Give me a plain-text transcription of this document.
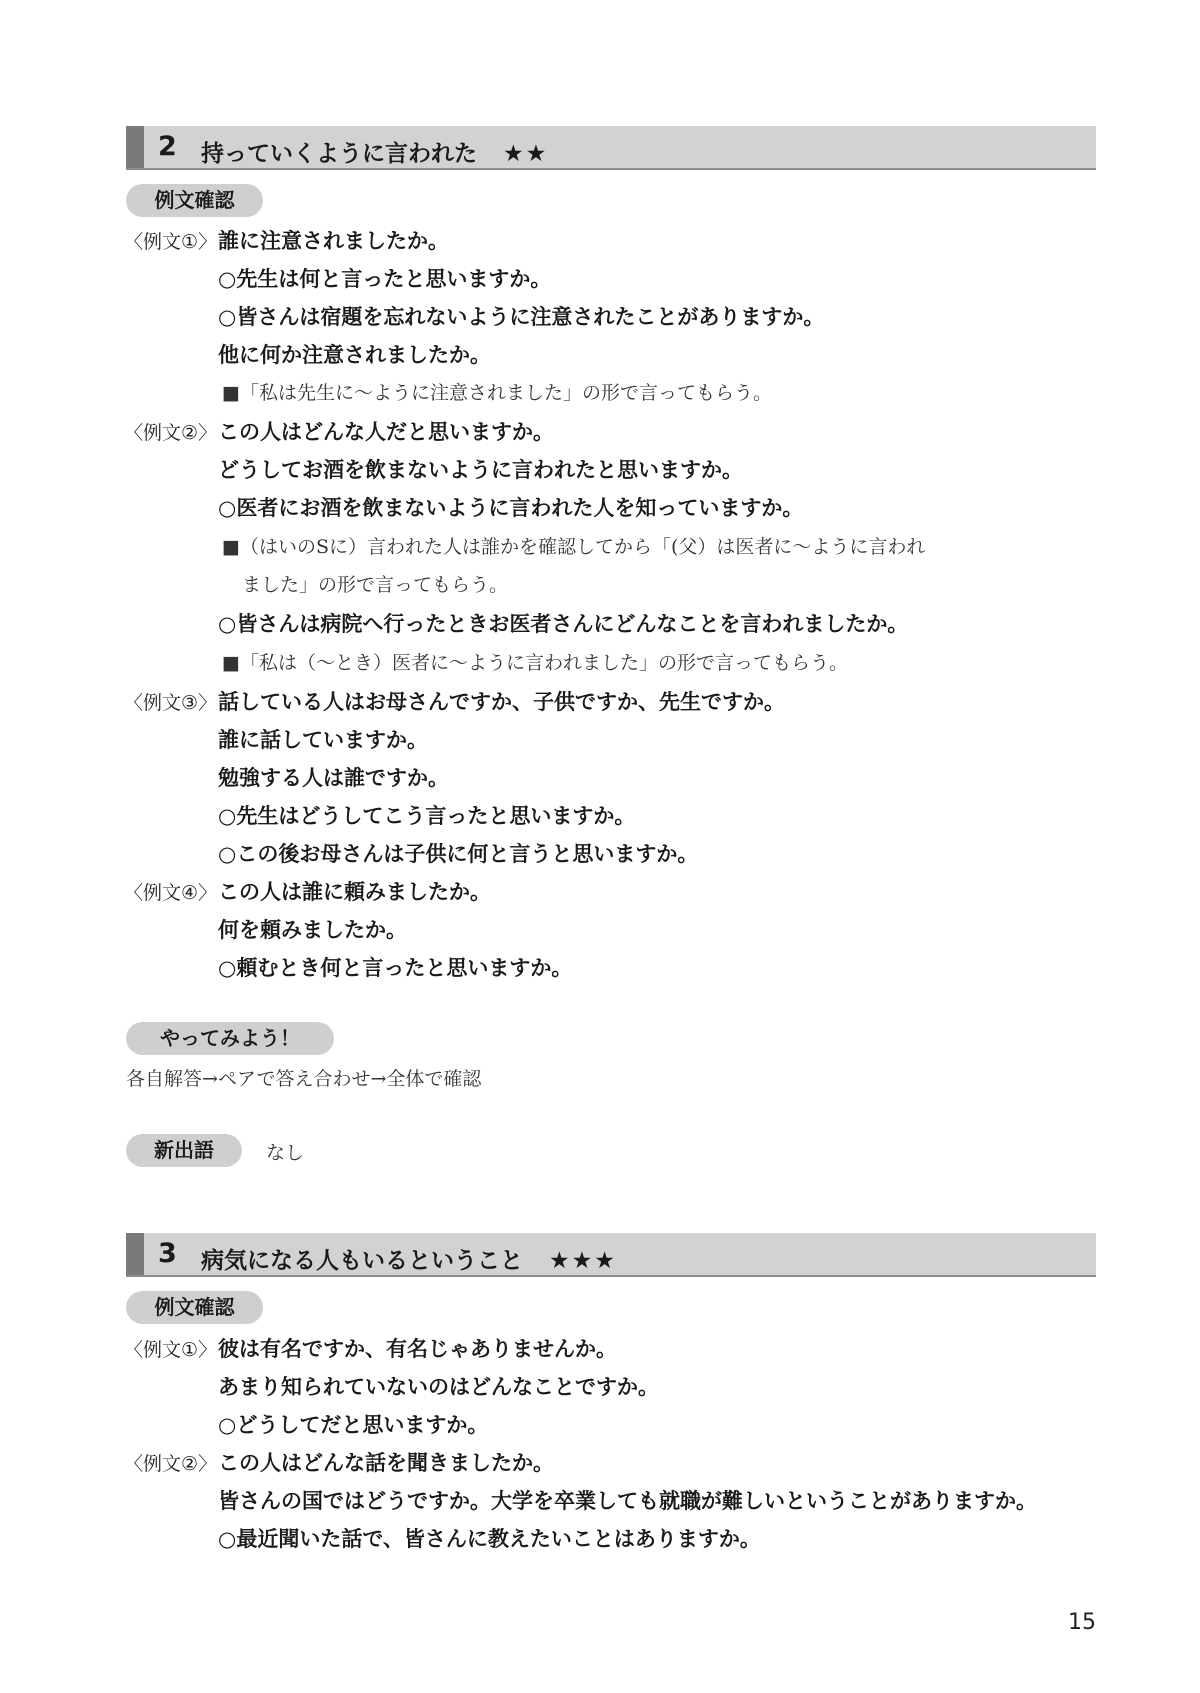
2 持っていくように言われた ★★
例文確認
〈例文①〉 誰に注意されましたか。
○先生は何と言ったと思いますか。
○皆さんは宿題を忘れないように注意されたことがありますか。
他に何か注意されましたか。
■「私は先生に〜ように注意されました」の形で言ってもらう。
〈例文②〉 この人はどんな人だと思いますか。
どうしてお酒を飲まないように言われたと思いますか。
○医者にお酒を飲まないように言われた人を知っていますか。
■（はいのSに）言われた人は誰かを確認してから「(父）は医者に〜ように言われ
ました」の形で言ってもらう。
○皆さんは病院へ行ったときお医者さんにどんなことを言われましたか。
■「私は（〜とき）医者に〜ように言われました」の形で言ってもらう。
〈例文③〉 話している人はお母さんですか、子供ですか、先生ですか。
誰に話していますか。
勉強する人は誰ですか。
○先生はどうしてこう言ったと思いますか。
○この後お母さんは子供に何と言うと思いますか。
〈例文④〉 この人は誰に頼みましたか。
何を頼みましたか。
○頼むとき何と言ったと思いますか。
やってみよう！
各自解答→ペアで答え合わせ→全体で確認
新出語	なし
3 病気になる人もいるということ ★★★
例文確認
〈例文①〉 彼は有名ですか、有名じゃありませんか。
あまり知られていないのはどんなことですか。
○どうしてだと思いますか。
〈例文②〉 この人はどんな話を聞きましたか。
皆さんの国ではどうですか。大学を卒業しても就職が難しいということがありますか。
○最近聞いた話で、皆さんに教えたいことはありますか。
15
